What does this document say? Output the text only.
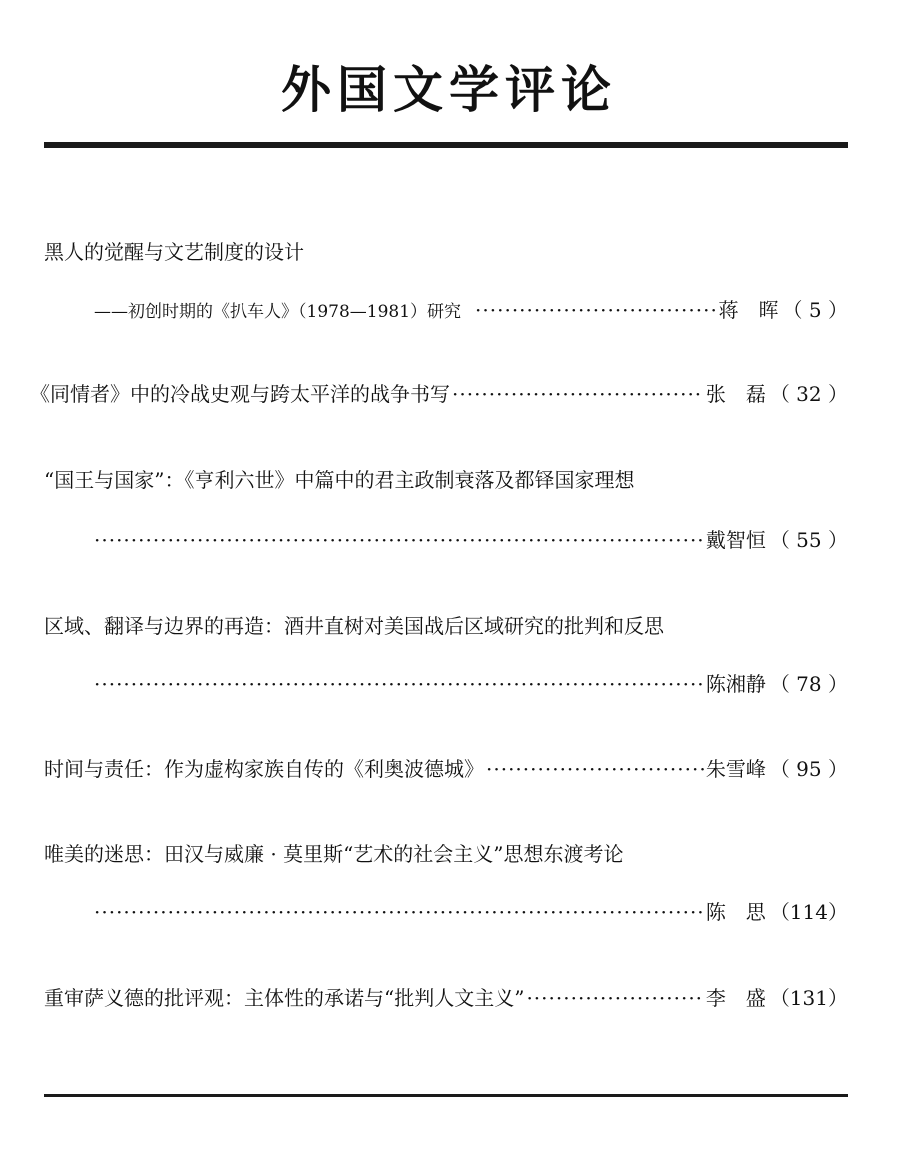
外国文学评论
黑人的觉醒与文艺制度的设计
——初创时期的《扒车人》（1978—1981）研究 ·····	蒋　晖 （ 5 ）
《同情者》中的冷战史观与跨太平洋的战争书写 ·····	张　磊 （ 32 ）
“国王与国家”：《亨利六世》中篇中的君主政制衰落及都铎国家理想
·····
戴智恒 （ 55 ）
区域、翻译与边界的再造：酒井直树对美国战后区域研究的批判和反思
·····
陈湘静 （ 78 ）
时间与责任：作为虚构家族自传的《利奥波德城》 ·····	朱雪峰 （ 95 ）
唯美的迷思：田汉与威廉 · 莫里斯“艺术的社会主义”思想东渡考论
·····
陈　思 （114）
重审萨义德的批评观：主体性的承诺与“批判人文主义” ·····	李　盛 （131）
